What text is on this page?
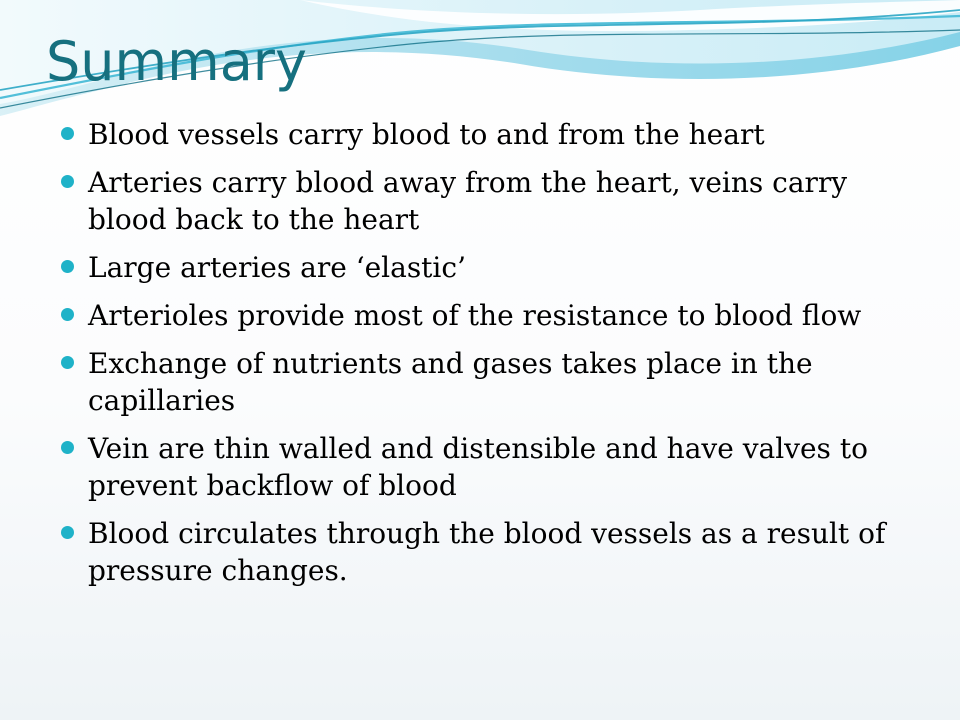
Summary
Blood vessels carry blood to and from the heart
Arteries carry blood away from the heart, veins carry blood back to the heart
Large arteries are ‘elastic’
Arterioles provide most of the resistance to blood flow
Exchange of nutrients and gases takes place in the capillaries
Vein are thin walled and distensible and have valves to prevent backflow of blood
Blood circulates through the blood vessels as a result of pressure changes.
